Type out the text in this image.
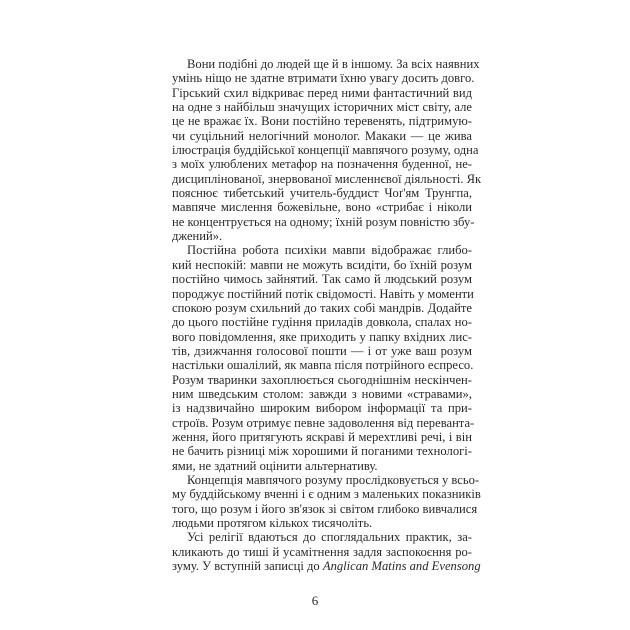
Вони подібні до людей ще й в іншому. За всіх наявних
умінь ніщо не здатне втримати їхню увагу досить довго.
Гірський схил відкриває перед ними фантастичний вид
на одне з найбільш значущих історичних міст світу, але
це не вражає їх. Вони постійно теревенять, підтримую-
чи суцільний нелогічний монолог. Макаки — це жива
ілюстрація буддійської концепції мавпячого розуму, одна
з моїх улюблених метафор на позначення буденної, не-
дисциплінованої, знервованої мисленнєвої діяльності. Як
пояснює тибетський учитель-буддист Чоґ'ям Трунгпа,
мавпяче мислення божевільне, воно «стрибає і ніколи
не концентрується на одному; їхній розум повністю збу-
джений».
Постійна робота психіки мавпи відображає глибо-
кий неспокій: мавпи не можуть всидіти, бо їхній розум
постійно чимось зайнятий. Так само й людський розум
породжує постійний потік свідомості. Навіть у моменти
спокою розум схильний до таких собі мандрів. Додайте
до цього постійне гудіння приладів довкола, спалах но-
вого повідомлення, яке приходить у папку вхідних лис-
тів, дзижчання голосової пошти — і от уже ваш розум
настільки ошалілий, як мавпа після потрійного еспресо.
Розум тваринки захоплюється сьогоднішнім нескінчен-
ним шведським столом: завжди з новими «стравами»,
із надзвичайно широким вибором інформації та при-
строїв. Розум отримує певне задоволення від переванта-
ження, його притягують яскраві й мерехтливі речі, і він
не бачить різниці між хорошими й поганими технологі-
ями, не здатний оцінити альтернативу.
Концепція мавпячого розуму прослідковується у всьо-
му буддійському вченні і є одним з маленьких показників
того, що розум і його зв'язок зі світом глибоко вивчалися
людьми протягом кількох тисячоліть.
Усі релігії вдаються до споглядальних практик, за-
кликають до тиші й усамітнення задля заспокоєння ро-
зуму. У вступній записці до Anglican Matins and Evensong
6
